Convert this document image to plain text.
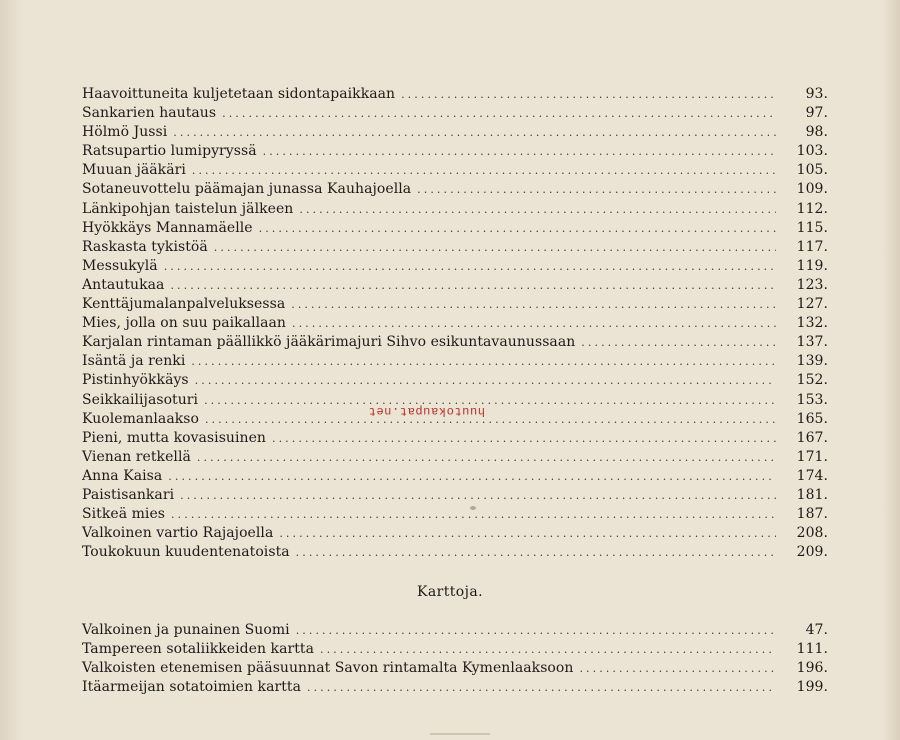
Haavoittuneita kuljetetaan sidontapaikkaan . . .	93.
Sankarien hautaus . . .	97.
Hölmö Jussi . . .	98.
Ratsupartio lumipyryssä . . .	103.
Muuan jääkäri . . .	105.
Sotaneuvottelu päämajan junassa Kauhajoella . . .	109.
Länkipohjan taistelun jälkeen . . .	112.
Hyökkäys Mannamäelle . . .	115.
Raskasta tykistöä . . .	117.
Messukylä . . .	119.
Antautukaa . . .	123.
Kenttäjumalanpalveluksessa . . .	127.
Mies, jolla on suu paikallaan . . .	132.
Karjalan rintaman päällikkö jääkärimajuri Sihvo esikuntavaunussaan . . .	137.
Isäntä ja renki . . .	139.
Pistinhyökkäys . . .	152.
Seikkailijasoturi . . .	153.
Kuolemanlaakso . . .	165.
Pieni, mutta kovasisuinen . . .	167.
Vienan retkellä . . .	171.
Anna Kaisa . . .	174.
Paistisankari . . .	181.
Sitkeä mies . . .	187.
Valkoinen vartio Rajajoella . . .	208.
Toukokuun kuudentenatoista . . .	209.
Karttoja.
Valkoinen ja punainen Suomi . . .	47.
Tampereen sotaliikkeiden kartta . . .	111.
Valkoisten etenemisen pääsuunnat Savon rintamalta Kymenlaaksoon . . .	196.
Itäarmeijan sotatoimien kartta . . .	199.
huutokaupat.net
